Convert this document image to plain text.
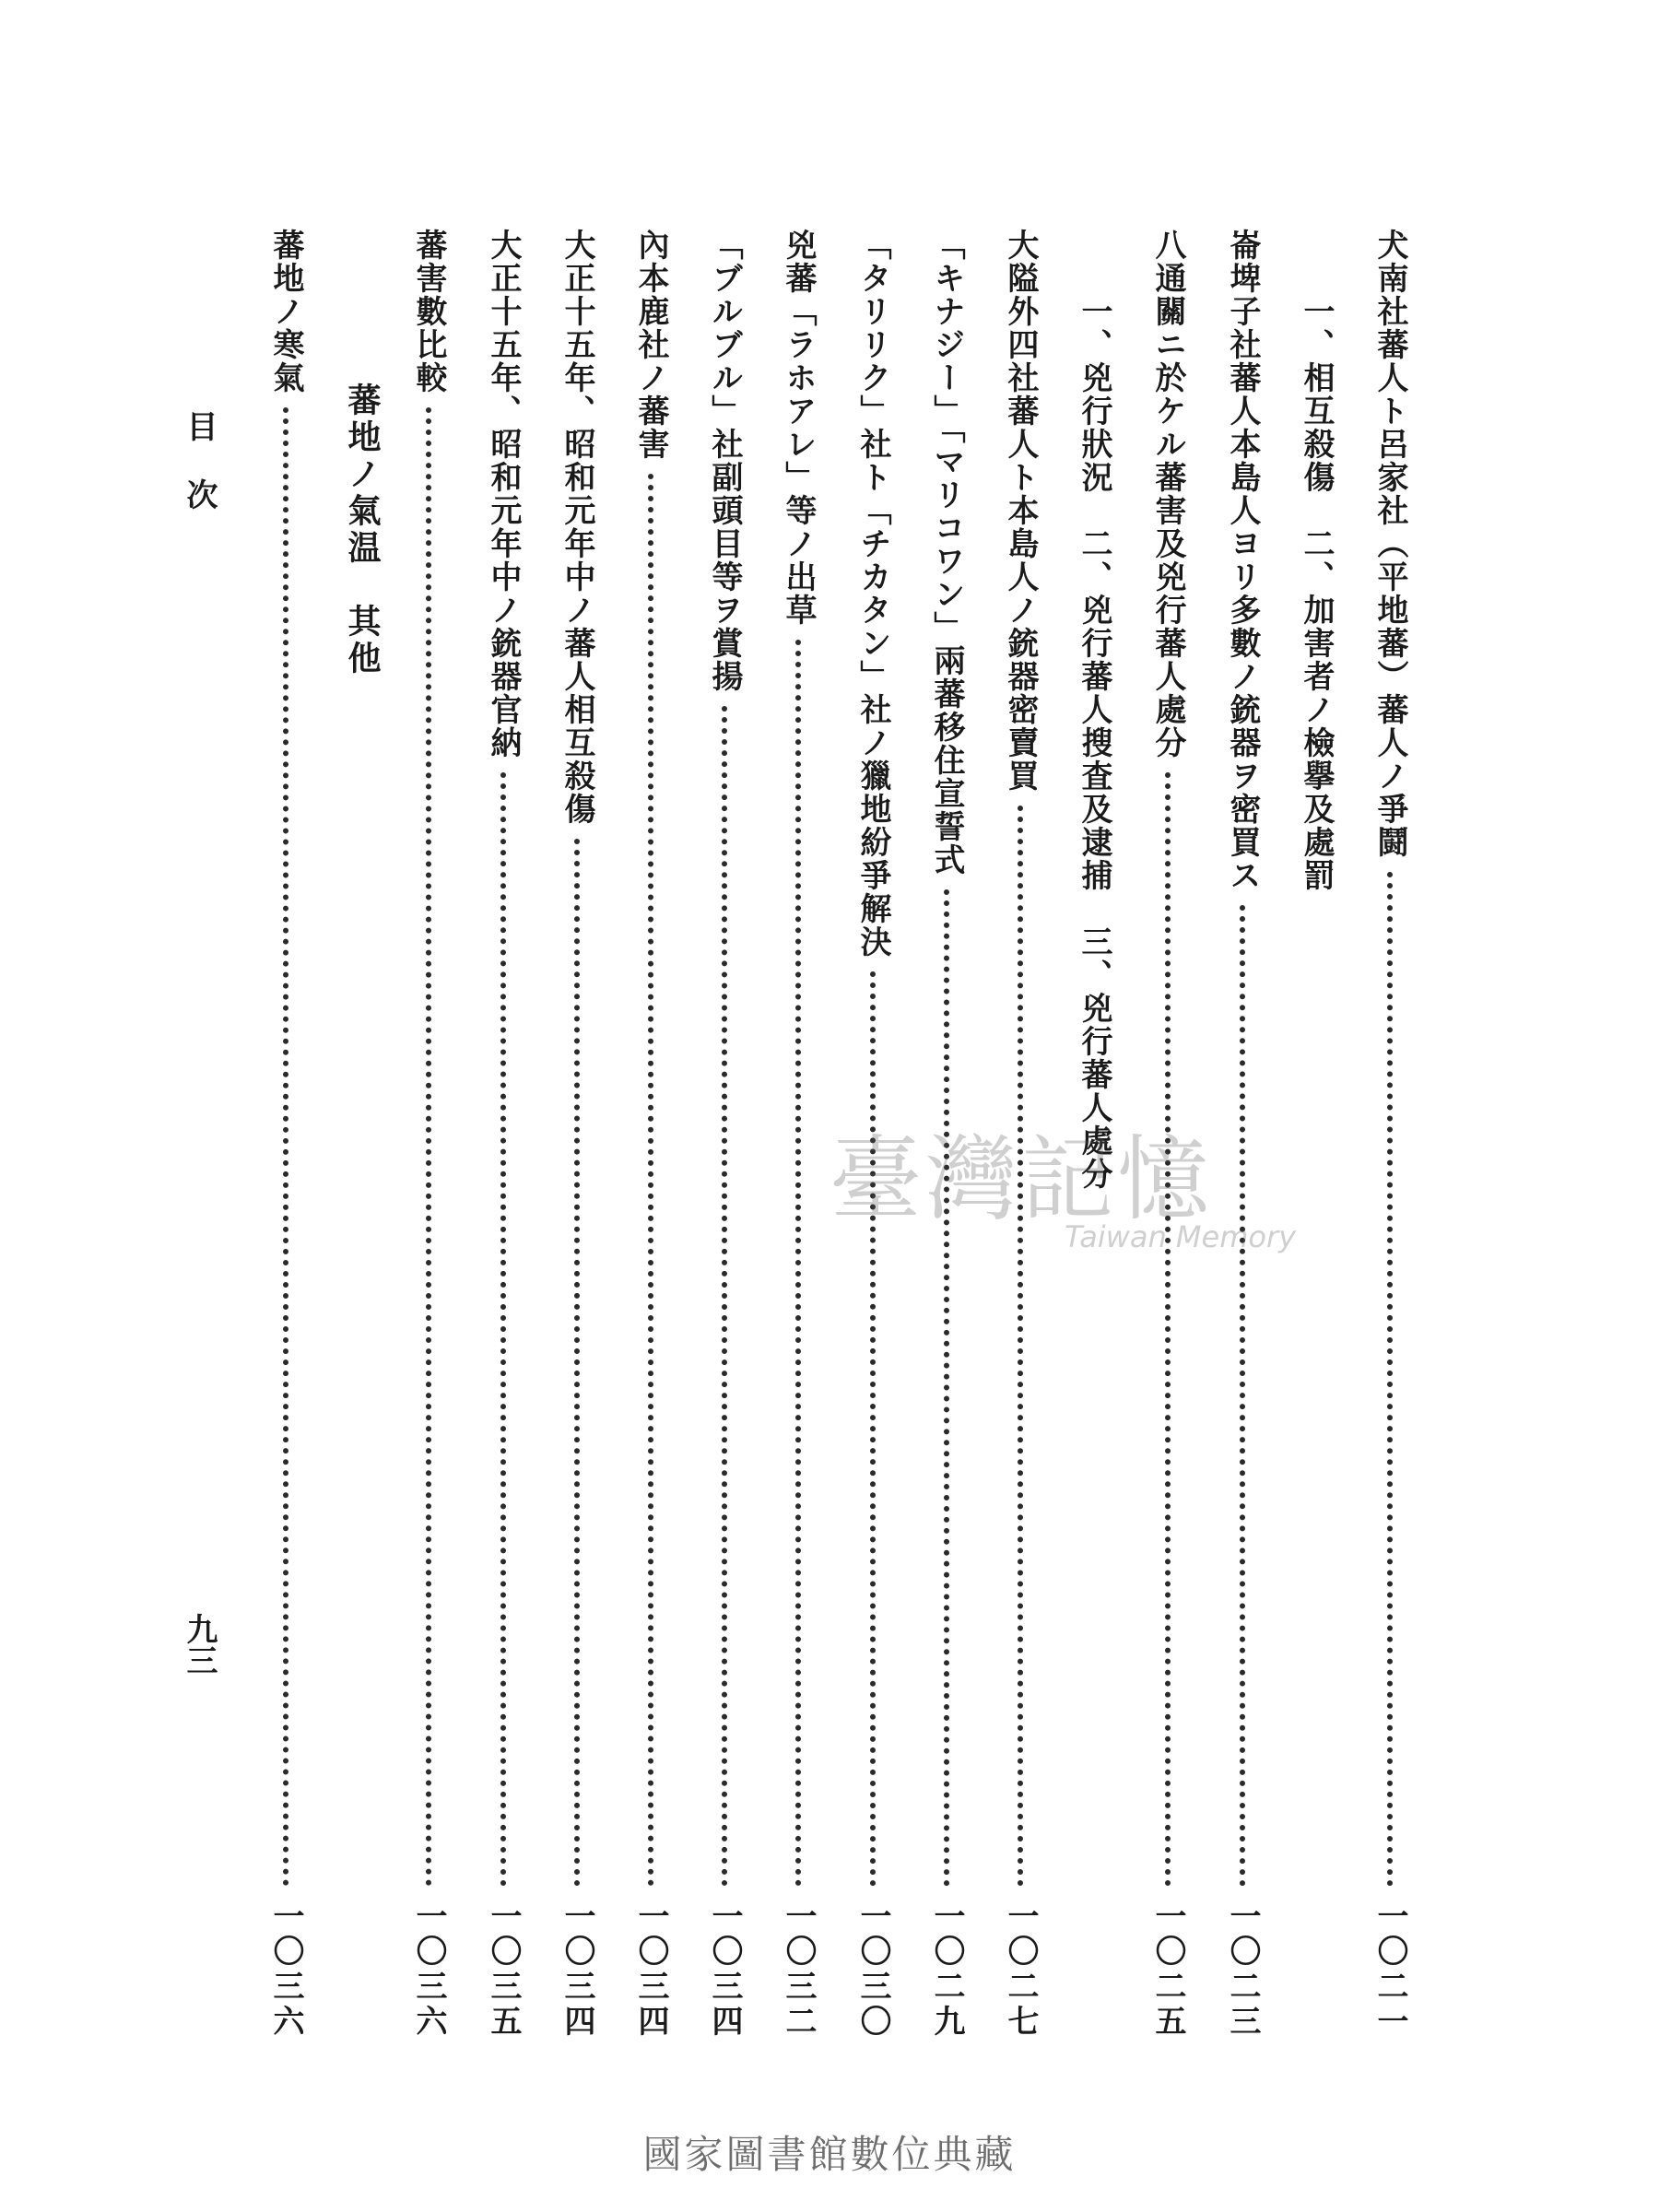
犬南社蕃人ト呂家社（平地蕃）蕃人ノ爭鬪
一〇二一
一、相互殺傷　二、加害者ノ檢擧及處罰
崙埤子社蕃人本島人ヨリ多數ノ銃器ヲ密買ス
一〇二三
八通關ニ於ケル蕃害及兇行蕃人處分
一〇二五
一、兇行狀況　二、兇行蕃人搜査及逮捕　三、兇行蕃人處分
大隘外四社蕃人ト本島人ノ銃器密賣買
一〇二七
「キナジー」「マリコワン」兩蕃移住宣誓式
一〇二九
「タリリク」社ト「チカタン」社ノ獵地紛爭解決
一〇三〇
兇蕃「ラホアレ」等ノ出草
一〇三二
「ブルブル」社副頭目等ヲ賞揚
一〇三四
內本鹿社ノ蕃害
一〇三四
大正十五年、昭和元年中ノ蕃人相互殺傷
一〇三四
大正十五年、昭和元年中ノ銃器官納
一〇三五
蕃害數比較
一〇三六
蕃地ノ氣温　其他
蕃地ノ寒氣
一〇三六
目 次
九三
臺灣記憶
Taiwan Memory
國家圖書館數位典藏
